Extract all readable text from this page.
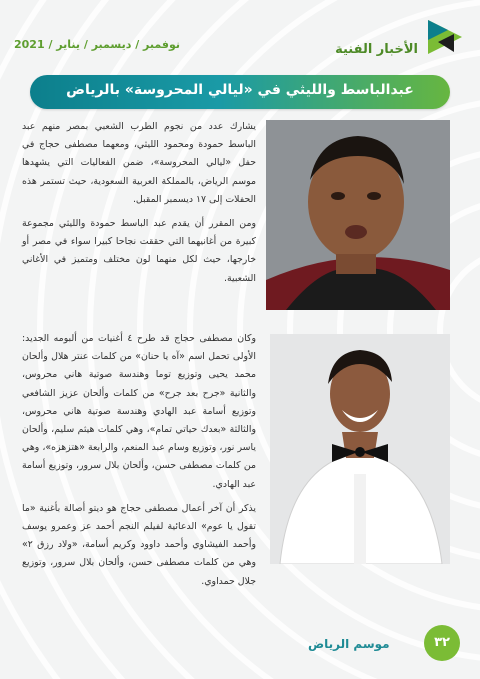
نوفمبر / ديسمبر / يناير / 2021	الأخبار الفنية
عبدالباسط والليثي في «ليالي المحروسة» بالرياض

يشارك عدد من نجوم الطرب الشعبي بمصر منهم عبد الباسط حمودة ومحمود الليثي، ومعهما مصطفى حجاج في حفل «ليالي المحروسة»، ضمن الفعاليات التي يشهدها موسم الرياض، بالمملكة العربية السعودية، حيث تستمر هذه الحفلات إلى ١٧ ديسمبر المقبل.

ومن المقرر أن يقدم عبد الباسط حمودة والليثي مجموعة كبيرة من أغانيهما التي حققت نجاحا كبيرا سواء في مصر أو خارجها، حيث لكل منهما لون مختلف ومتميز في الأغاني الشعبية.

وكان مصطفى حجاج قد طرح ٤ أغنيات من ألبومه الجديد: الأولى تحمل اسم «آه يا حنان» من كلمات عنتر هلال وألحان محمد يحيى وتوزيع توما وهندسة صوتية هاني محروس، والثانية «جرح بعد جرح» من كلمات وألحان عزيز الشافعي وتوزيع أسامة عبد الهادي وهندسة صوتية هاني محروس، والثالثة «بعدك حياتي تمام»، وهي كلمات هيثم سليم، وألحان ياسر نور، وتوزيع وسام عبد المنعم، والرابعة «هتزهزه»، وهي من كلمات مصطفى حسن، وألحان بلال سرور، وتوزيع أسامة عبد الهادي.

يذكر أن آخر أعمال مصطفى حجاج هو ديتو أصالة بأغنية «ما تقول يا عوم» الدعائية لفيلم النجم أحمد عز وعمرو يوسف وأحمد الفيشاوي وأحمد داوود وكريم أسامة، «ولاد رزق ٢» وهي من كلمات مصطفى حسن، وألحان بلال سرور، وتوزيع جلال حمداوي.

موسم الرياض	٣٢
